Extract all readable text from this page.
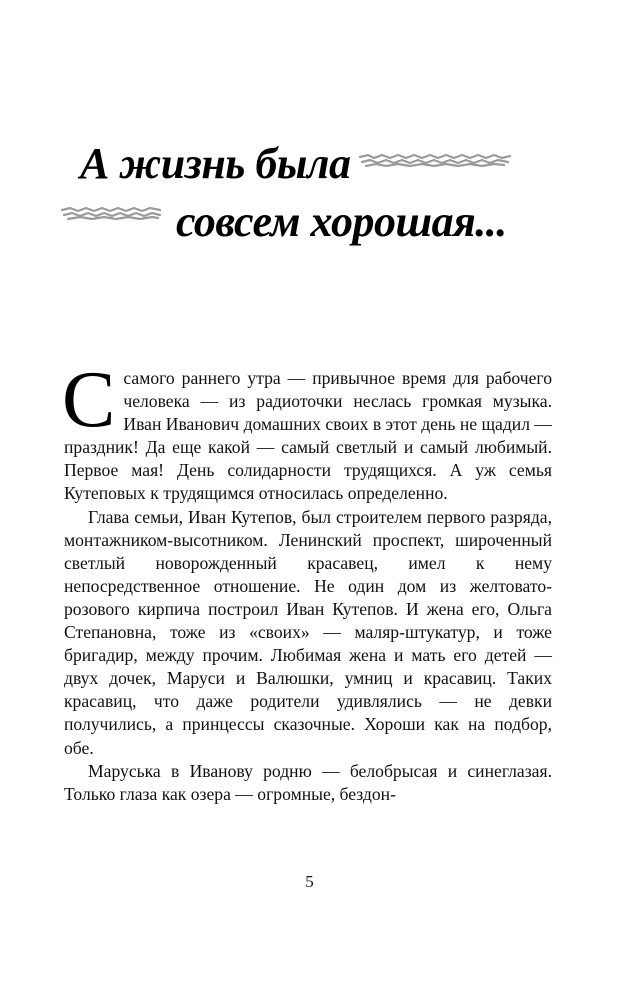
А жизнь была
совсем хорошая...

Ссамого раннего утра — привычное время для рабочего человека — из радиоточки неслась громкая музыка. Иван Иванович домашних своих в этот день не щадил — праздник! Да еще какой — самый светлый и самый любимый. Первое мая! День солидарности трудящихся. А уж семья Кутеповых к трудящимся относилась определенно.

Глава семьи, Иван Кутепов, был строителем первого разряда, монтажником-высотником. Ленинский проспект, широченный светлый новорожденный красавец, имел к нему непосредственное отношение. Не один дом из желтовато-розового кирпича построил Иван Кутепов. И жена его, Ольга Степановна, тоже из «своих» — маляр-штукатур, и тоже бригадир, между прочим. Любимая жена и мать его детей — двух дочек, Маруси и Валюшки, умниц и красавиц. Таких красавиц, что даже родители удивлялись — не девки получились, а принцессы сказочные. Хороши как на подбор, обе.

Маруська в Иванову родню — белобрысая и синеглазая. Только глаза как озера — огромные, бездон-

5
